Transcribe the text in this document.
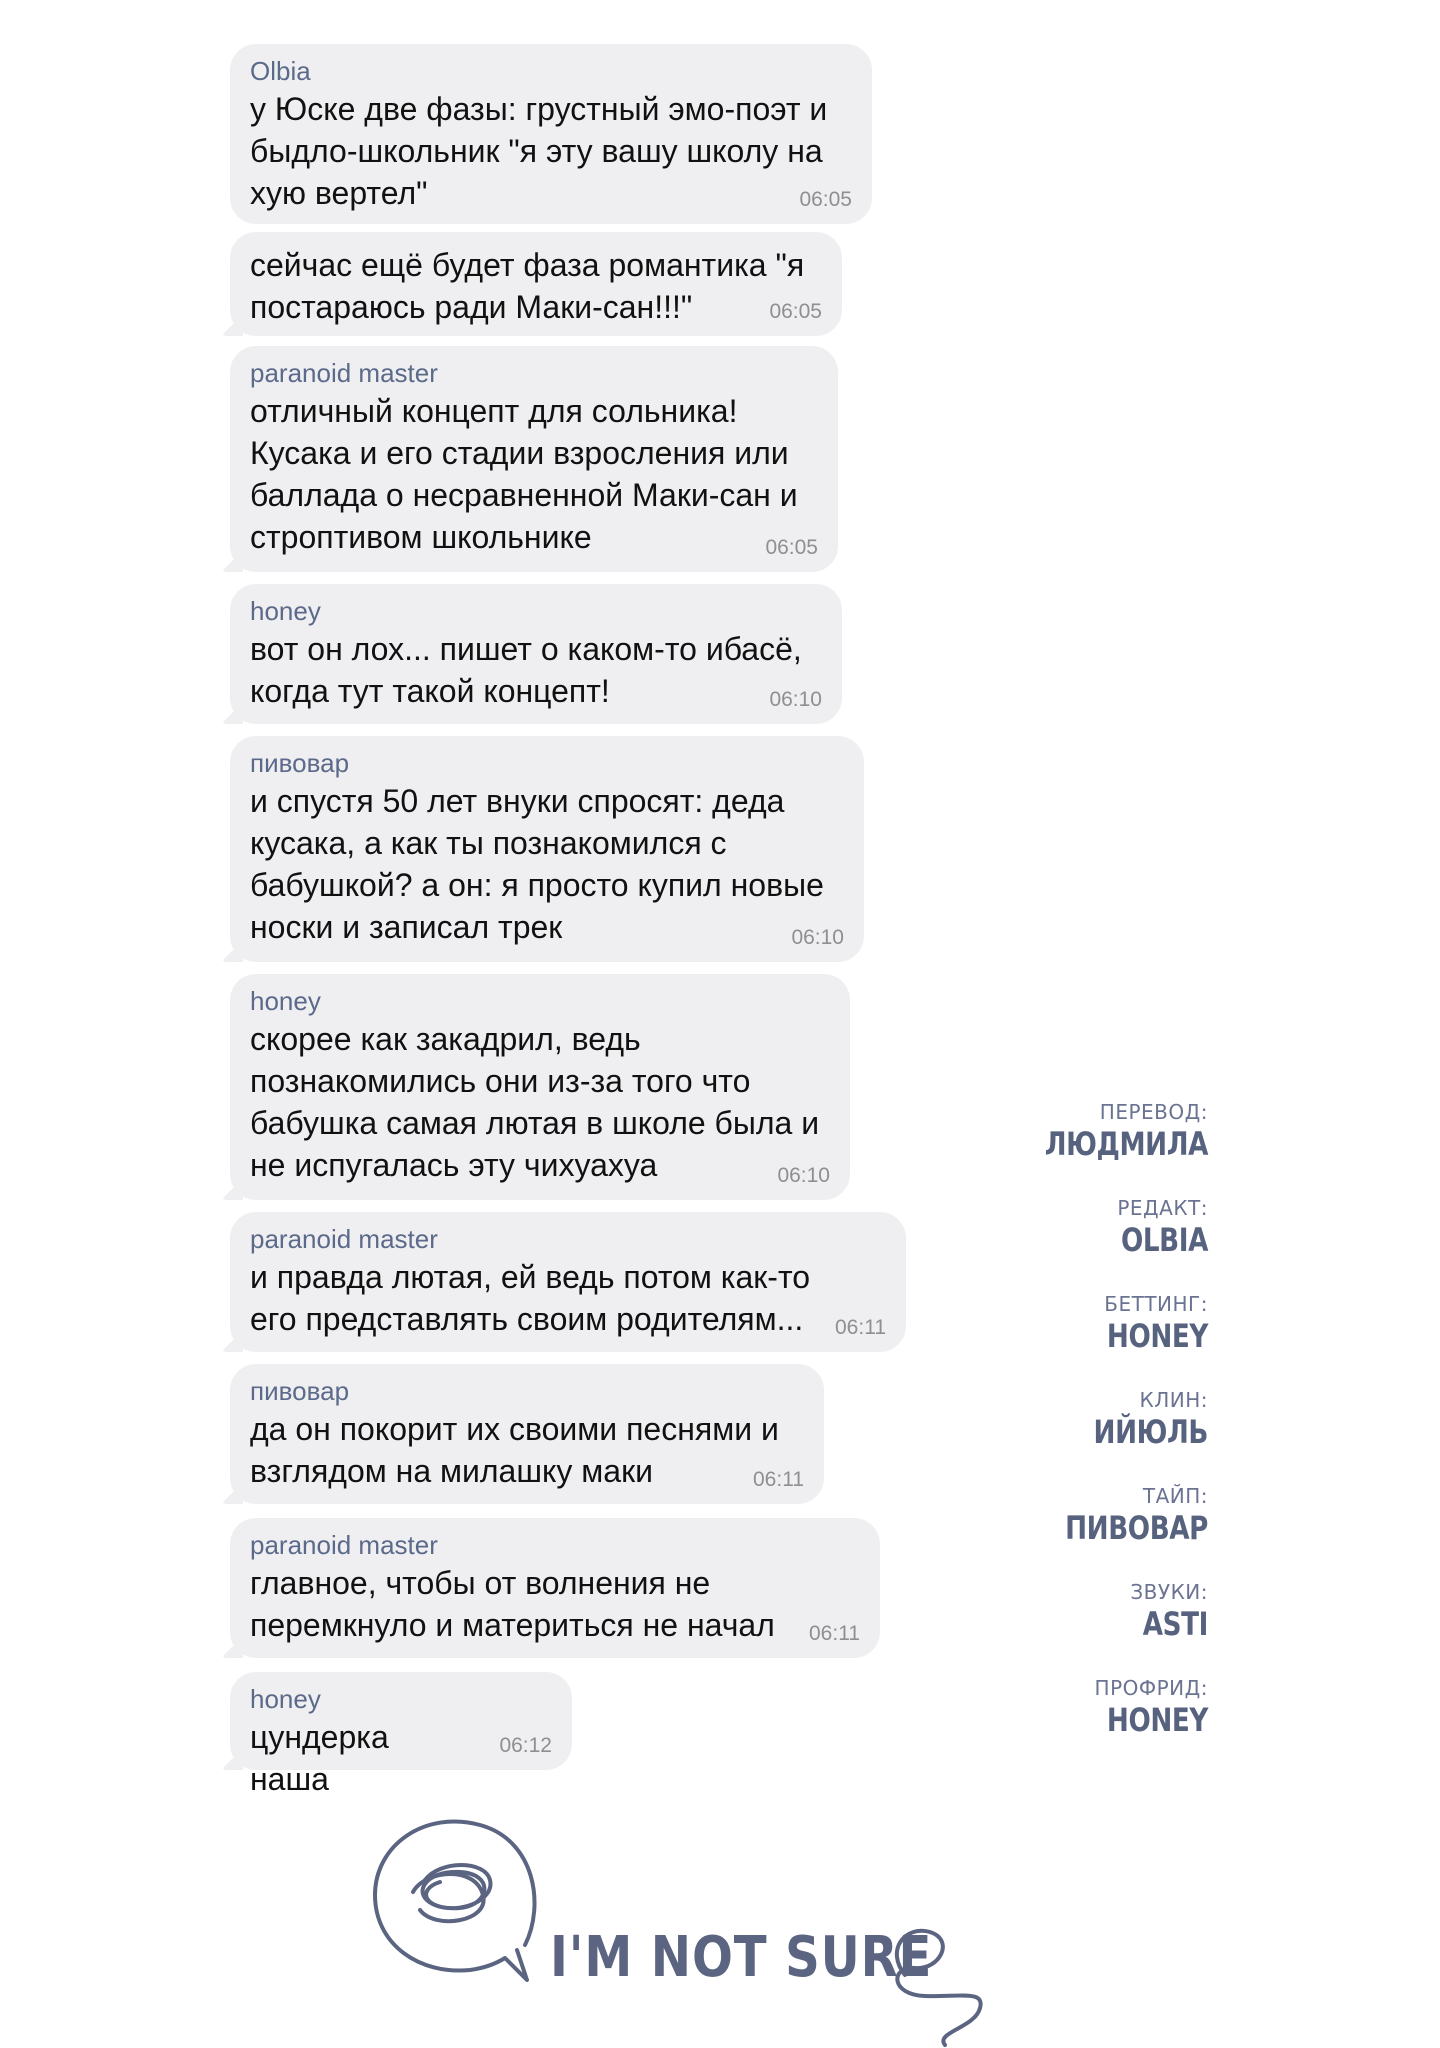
Olbia
у Юске две фазы: грустный эмо-поэт и
быдло-школьник "я эту вашу школу на
хую вертел"	06:05
сейчас ещё будет фаза романтика "я
постараюсь ради Маки-сан!!!"	06:05
paranoid master
отличный концепт для сольника!
Кусака и его стадии взросления или
баллада о несравненной Маки-сан и
строптивом школьнике	06:05
honey
вот он лох... пишет о каком-то ибасё,
когда тут такой концепт!	06:10
пивовар
и спустя 50 лет внуки спросят: деда
кусака, а как ты познакомился с
бабушкой? а он: я просто купил новые
носки и записал трек	06:10
honey
скорее как закадрил, ведь
познакомились они из-за того что
бабушка самая лютая в школе была и
не испугалась эту чихуахуа	06:10
paranoid master
и правда лютая, ей ведь потом как-то
его представлять своим родителям...	06:11
пивовар
да он покорит их своими песнями и
взглядом на милашку маки	06:11
paranoid master
главное, чтобы от волнения не
перемкнуло и материться не начал	06:11
honey
цундерка наша
06:12
ПЕРЕВОД:
ЛЮДМИЛА
РЕДАКТ:
OLBIA
БЕТТИНГ:
HONEY
КЛИН:
ИЙЮЛЬ
ТАЙП:
ПИВОВАР
ЗВУКИ:
ASTI
ПРОФРИД:
HONEY
I'M NOT SURE
